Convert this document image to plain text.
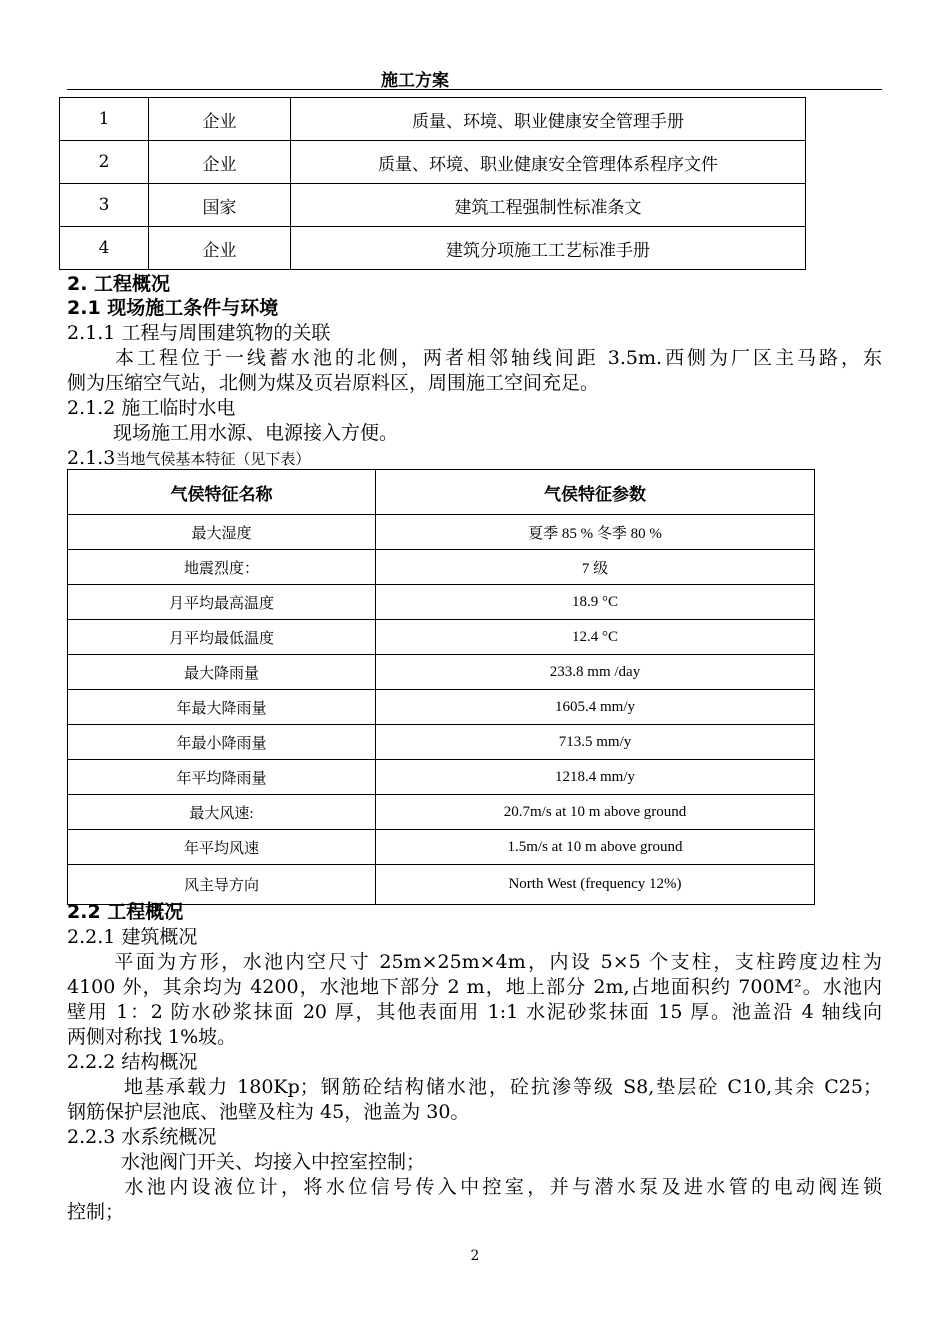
施工方案
1	企业	质量、环境、职业健康安全管理手册
2	企业	质量、环境、职业健康安全管理体系程序文件
3	国家	建筑工程强制性标准条文
4	企业	建筑分项施工工艺标准手册
2. 工程概况
2.1 现场施工条件与环境
2.1.1 工程与周围建筑物的关联
本工程位于一线蓄水池的北侧，两者相邻轴线间距 3.5m.西侧为厂区主马路，东
侧为压缩空气站，北侧为煤及页岩原料区，周围施工空间充足。
2.1.2 施工临时水电
现场施工用水源、电源接入方便。
2.1.3当地气侯基本特征（见下表）
气侯特征名称	气侯特征参数
最大湿度	夏季 85 % 冬季 80 %
地震烈度：	7 级
月平均最高温度	18.9 °C
月平均最低温度	12.4 °C
最大降雨量	233.8 mm /day
年最大降雨量	1605.4 mm/y
年最小降雨量	713.5 mm/y
年平均降雨量	1218.4 mm/y
最大风速:	20.7m/s at 10 m above ground
年平均风速	1.5m/s at 10 m above ground
风主导方向	North West (frequency 12%)
2.2 工程概况
2.2.1 建筑概况
平面为方形，水池内空尺寸 25m×25m×4m，内设 5×5 个支柱，支柱跨度边柱为
4100 外，其余均为 4200，水池地下部分 2 m，地上部分 2m,占地面积约 700M²。水池内
壁用 1：2 防水砂浆抹面 20 厚，其他表面用 1:1 水泥砂浆抹面 15 厚。池盖沿 4 轴线向
两侧对称找 1%坡。
2.2.2 结构概况
地基承载力 180Kp；钢筋砼结构储水池，砼抗渗等级 S8,垫层砼 C10,其余 C25；
钢筋保护层池底、池壁及柱为 45，池盖为 30。
2.2.3 水系统概况
水池阀门开关、均接入中控室控制；
水池内设液位计，将水位信号传入中控室，并与潜水泵及进水管的电动阀连锁
控制；
2
